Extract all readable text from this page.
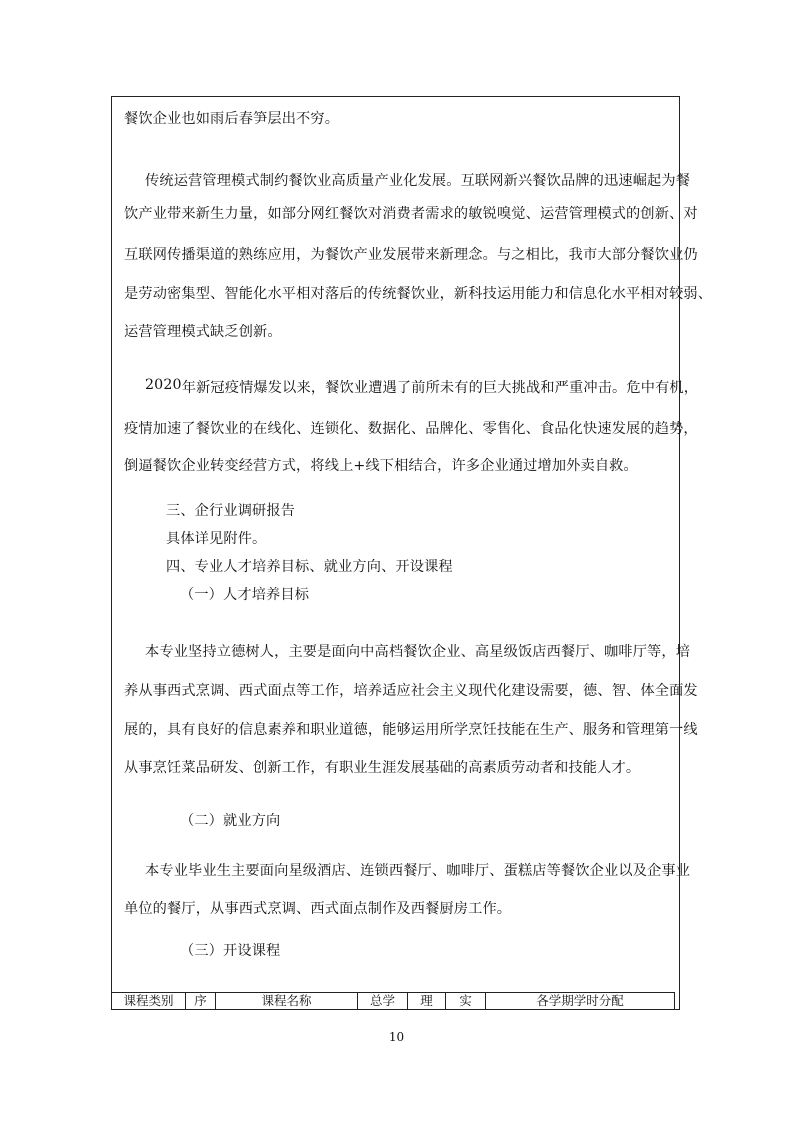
餐饮企业也如雨后春笋层出不穷。
传 统 运 营 管 理 模 式 制 约 餐 饮 业 高 质 量 产 业 化 发 展 。 互 联 网 新 兴 餐 饮 品 牌 的 迅 速 崛 起 为 餐
饮 产 业 带 来 新 生 力 量 ， 如 部 分 网 红 餐 饮 对 消 费 者 需 求 的 敏 锐 嗅 觉 、 运 营 管 理 模 式 的 创 新 、 对
互 联 网 传 播 渠 道 的 熟 练 应 用 ， 为 餐 饮 产 业 发 展 带 来 新 理 念 。 与 之 相 比 ， 我 市 大 部 分 餐 饮 业 仍
是 劳 动 密 集 型 、 智 能 化 水 平 相 对 落 后 的 传 统 餐 饮 业 ， 新 科 技 运 用 能 力 和 信 息 化 水 平 相 对 较 弱 、
运营管理模式缺乏创新。
2020 年 新 冠 疫 情 爆 发 以 来 ， 餐 饮 业 遭 遇 了 前 所 未 有 的 巨 大 挑 战 和 严 重 冲 击 。 危 中 有 机 ，
疫 情 加 速 了 餐 饮 业 的 在 线 化 、 连 锁 化 、 数 据 化 、 品 牌 化 、 零 售 化 、 食 品 化 快 速 发 展 的 趋 势 ，
倒逼餐饮企业转变经营方式，将线上+线下相结合，许多企业通过增加外卖自救。
三、企行业调研报告
具体详见附件。
四、专业人才培养目标、就业方向、开设课程
（一）人才培养目标
本 专 业 坚 持 立 德 树 人 ， 主 要 是 面 向 中 高 档 餐 饮 企 业 、 高 星 级 饭 店 西 餐 厅 、 咖 啡 厅 等 ， 培
养 从 事 西 式 烹 调 、 西 式 面 点 等 工 作 ， 培 养 适 应 社 会 主 义 现 代 化 建 设 需 要 ， 德 、 智 、 体 全 面 发
展 的 ， 具 有 良 好 的 信 息 素 养 和 职 业 道 德 ， 能 够 运 用 所 学 烹 饪 技 能 在 生 产 、 服 务 和 管 理 第 一 线
从事烹饪菜品研发、创新工作，有职业生涯发展基础的高素质劳动者和技能人才。
（二）就业方向
本 专 业 毕 业 生 主 要 面 向 星 级 酒 店 、 连 锁 西 餐 厅 、 咖 啡 厅 、 蛋 糕 店 等 餐 饮 企 业 以 及 企 事 业
单位的餐厅，从事西式烹调、西式面点制作及西餐厨房工作。
（三）开设课程
课程类别	序	课程名称	总学	理	实	各学期学时分配
10
